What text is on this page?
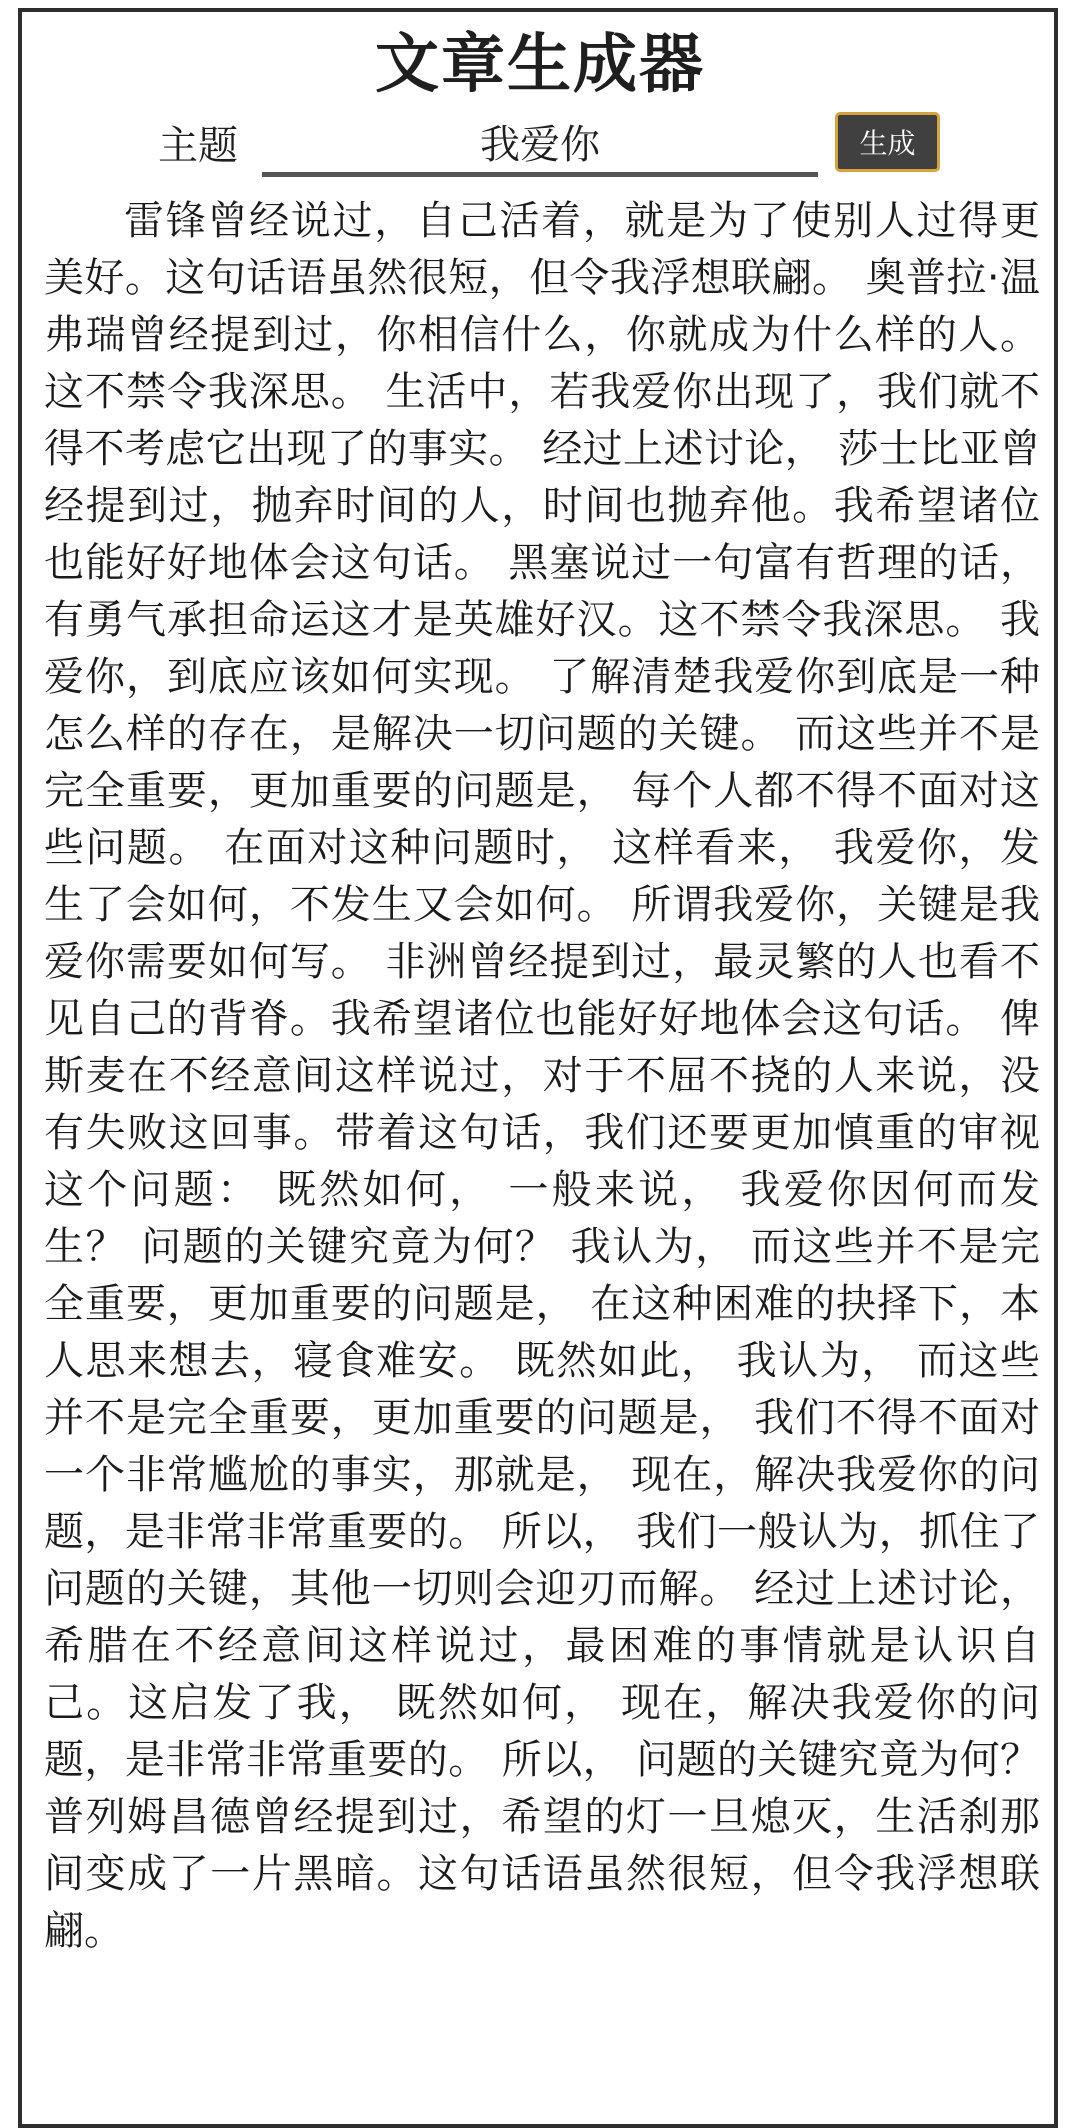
文章生成器
主题
我爱你	生成

雷锋曾经说过，自己活着，就是为了使别人过得更美好。这句话语虽然很短，但令我浮想联翩。 奥普拉·温弗瑞曾经提到过，你相信什么，你就成为什么样的人。这不禁令我深思。 生活中，若我爱你出现了，我们就不得不考虑它出现了的事实。 经过上述讨论， 莎士比亚曾经提到过，抛弃时间的人，时间也抛弃他。我希望诸位也能好好地体会这句话。 黑塞说过一句富有哲理的话，有勇气承担命运这才是英雄好汉。这不禁令我深思。 我爱你，到底应该如何实现。 了解清楚我爱你到底是一种怎么样的存在，是解决一切问题的关键。 而这些并不是完全重要，更加重要的问题是， 每个人都不得不面对这些问题。 在面对这种问题时， 这样看来， 我爱你，发生了会如何，不发生又会如何。 所谓我爱你，关键是我爱你需要如何写。 非洲曾经提到过，最灵繁的人也看不见自己的背脊。我希望诸位也能好好地体会这句话。 俾斯麦在不经意间这样说过，对于不屈不挠的人来说，没有失败这回事。带着这句话，我们还要更加慎重的审视这个问题： 既然如何， 一般来说， 我爱你因何而发生？ 问题的关键究竟为何？ 我认为， 而这些并不是完全重要，更加重要的问题是， 在这种困难的抉择下，本人思来想去，寝食难安。 既然如此， 我认为， 而这些并不是完全重要，更加重要的问题是， 我们不得不面对一个非常尴尬的事实，那就是， 现在，解决我爱你的问题，是非常非常重要的。 所以， 我们一般认为，抓住了问题的关键，其他一切则会迎刃而解。 经过上述讨论， 希腊在不经意间这样说过，最困难的事情就是认识自己。这启发了我， 既然如何， 现在，解决我爱你的问题，是非常非常重要的。 所以， 问题的关键究竟为何？ 普列姆昌德曾经提到过，希望的灯一旦熄灭，生活刹那间变成了一片黑暗。这句话语虽然很短，但令我浮想联翩。
